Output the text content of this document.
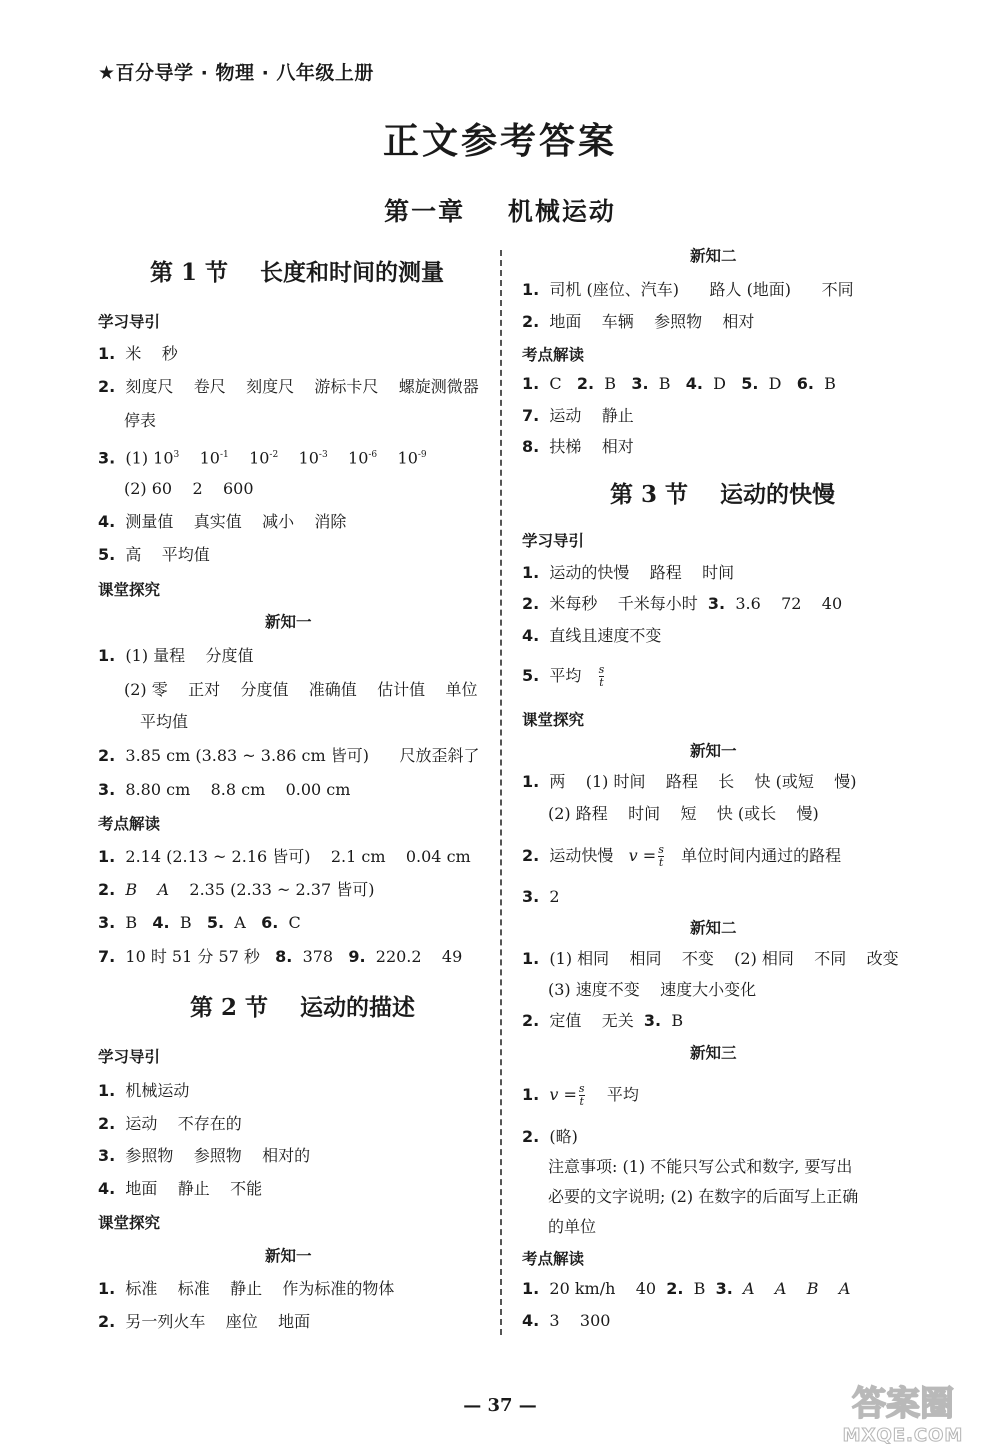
★百分导学 · 物理 · 八年级上册
正文参考答案
第一章    机械运动
第 1 节    长度和时间的测量
学习导引
1. 米    秒
2. 刻度尺    卷尺    刻度尺    游标卡尺    螺旋测微器
停表
3. (1) $10^3$    $10^{-1}$    $10^{-2}$    $10^{-3}$    $10^{-6}$    $10^{-9}$
(2) 60    2    600
4. 测量值    真实值    减小    消除
5. 高    平均值
课堂探究
新知一
1. (1) 量程    分度值
(2) 零    正对    分度值    准确值    估计值    单位
平均值
2. 3.85 cm (3.83 ~ 3.86 cm 皆可)      尺放歪斜了
3. 8.80 cm    8.8 cm    0.00 cm
考点解读
1. 2.14 (2.13 ~ 2.16 皆可)    2.1 cm    0.04 cm
2. B    A    2.35 (2.33 ~ 2.37 皆可)
3. B 4. B 5. A 6. C
7. 10 时 51 分 57 秒 8. 378 9. 220.2    49
第 2 节    运动的描述
学习导引
1. 机械运动
2. 运动    不存在的
3. 参照物    参照物    相对的
4. 地面    静止    不能
课堂探究
新知一
1. 标准    标准    静止    作为标准的物体
2. 另一列火车    座位    地面
新知二
1. 司机 (座位、汽车)      路人 (地面)      不同
2. 地面    车辆    参照物    相对
考点解读
1. C 2. B 3. B 4. D 5. D 6. B
7. 运动    静止
8. 扶梯    相对
第 3 节    运动的快慢
学习导引
1. 运动的快慢    路程    时间
2. 米每秒    千米每小时 3. 3.6    72    40
4. 直线且速度不变
5. 平均 $\frac{s}{t}$
课堂探究
新知一
1. 两    (1) 时间    路程    长    快 (或短    慢)
(2) 路程    时间    短    快 (或长    慢)
2. 运动快慢 $v = \frac{s}{t}$ 单位时间内通过的路程
3. 2
新知二
1. (1) 相同    相同    不变    (2) 相同    不同    改变
(3) 速度不变    速度大小变化
2. 定值    无关 3. B
新知三
1. $v = \frac{s}{t}$ 平均
2. (略)
注意事项: (1) 不能只写公式和数字, 要写出
必要的文字说明; (2) 在数字的后面写上正确
的单位
考点解读
1. 20 km/h    40 2. B 3. A    A    B    A
4. 3    300
— 37 —	答案圈
MXQE.COM
